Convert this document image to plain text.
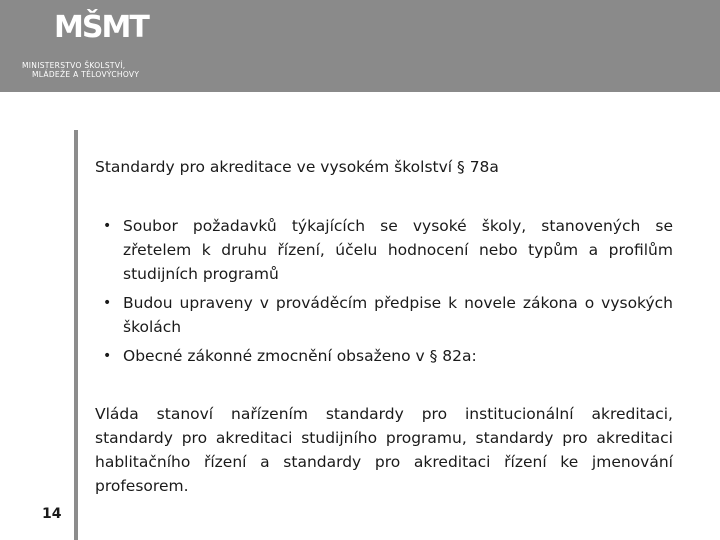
MŠMT
MINISTERSTVO ŠKOLSTVÍ,
MLÁDEŽE A TĚLOVÝCHOVY
Standardy pro akreditace ve vysokém školství § 78a
• Soubor požadavků týkajících se vysoké školy, stanovených se zřetelem k druhu řízení, účelu hodnocení nebo typům a profilům studijních programů
• Budou upraveny v prováděcím předpise k novele zákona o vysokých školách
• Obecné zákonné zmocnění obsaženo v § 82a:
Vláda stanoví nařízením standardy pro institucionální akreditaci, standardy pro akreditaci studijního programu, standardy pro akreditaci hablitačního řízení a standardy pro akreditaci řízení ke jmenování profesorem.
14
